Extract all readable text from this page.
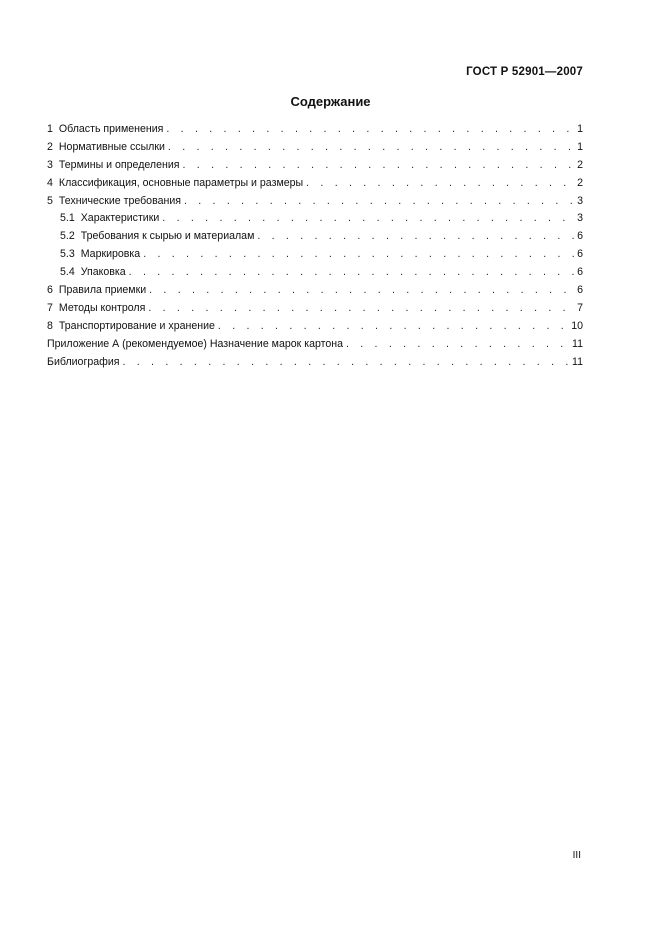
ГОСТ Р 52901—2007
Содержание
1 Область применения . . .	1
2 Нормативные ссылки . . .	1
3 Термины и определения . . .	2
4 Классификация, основные параметры и размеры . . .	2
5 Технические требования . . .	3
5.1 Характеристики . . .	3
5.2 Требования к сырью и материалам . . .	6
5.3 Маркировка . . .	6
5.4 Упаковка . . .	6
6 Правила приемки . . .	6
7 Методы контроля . . .	7
8 Транспортирование и хранение . . .	10
Приложение А (рекомендуемое) Назначение марок картона . . .	11
Библиография . . .	11
III
